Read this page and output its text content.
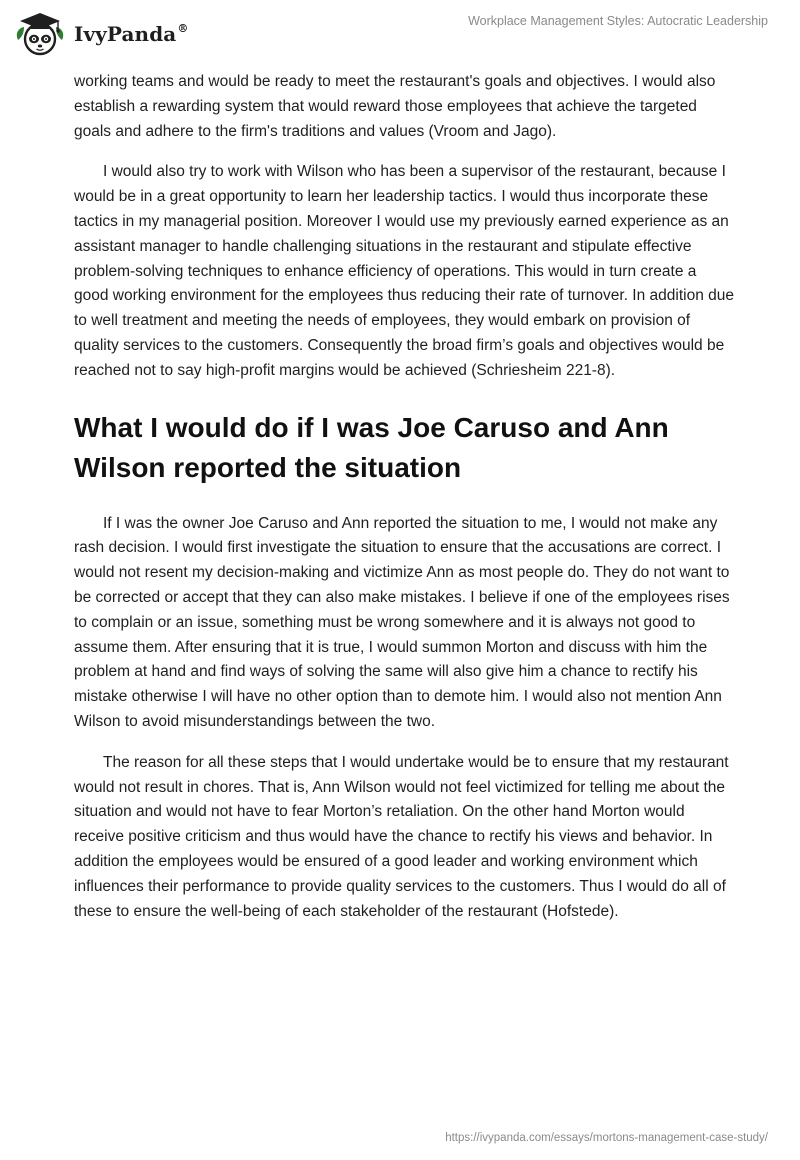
IvyPanda®
Workplace Management Styles: Autocratic Leadership

working teams and would be ready to meet the restaurant's goals and objectives. I would also establish a rewarding system that would reward those employees that achieve the targeted goals and adhere to the firm's traditions and values (Vroom and Jago).

I would also try to work with Wilson who has been a supervisor of the restaurant, because I would be in a great opportunity to learn her leadership tactics. I would thus incorporate these tactics in my managerial position. Moreover I would use my previously earned experience as an assistant manager to handle challenging situations in the restaurant and stipulate effective problem-solving techniques to enhance efficiency of operations. This would in turn create a good working environment for the employees thus reducing their rate of turnover. In addition due to well treatment and meeting the needs of employees, they would embark on provision of quality services to the customers. Consequently the broad firm’s goals and objectives would be reached not to say high-profit margins would be achieved (Schriesheim 221-8).

What I would do if I was Joe Caruso and Ann Wilson reported the situation

If I was the owner Joe Caruso and Ann reported the situation to me, I would not make any rash decision. I would first investigate the situation to ensure that the accusations are correct. I would not resent my decision-making and victimize Ann as most people do. They do not want to be corrected or accept that they can also make mistakes. I believe if one of the employees rises to complain or an issue, something must be wrong somewhere and it is always not good to assume them. After ensuring that it is true, I would summon Morton and discuss with him the problem at hand and find ways of solving the same will also give him a chance to rectify his mistake otherwise I will have no other option than to demote him. I would also not mention Ann Wilson to avoid misunderstandings between the two.

The reason for all these steps that I would undertake would be to ensure that my restaurant would not result in chores. That is, Ann Wilson would not feel victimized for telling me about the situation and would not have to fear Morton’s retaliation. On the other hand Morton would receive positive criticism and thus would have the chance to rectify his views and behavior. In addition the employees would be ensured of a good leader and working environment which influences their performance to provide quality services to the customers. Thus I would do all of these to ensure the well-being of each stakeholder of the restaurant (Hofstede).

https://ivypanda.com/essays/mortons-management-case-study/
